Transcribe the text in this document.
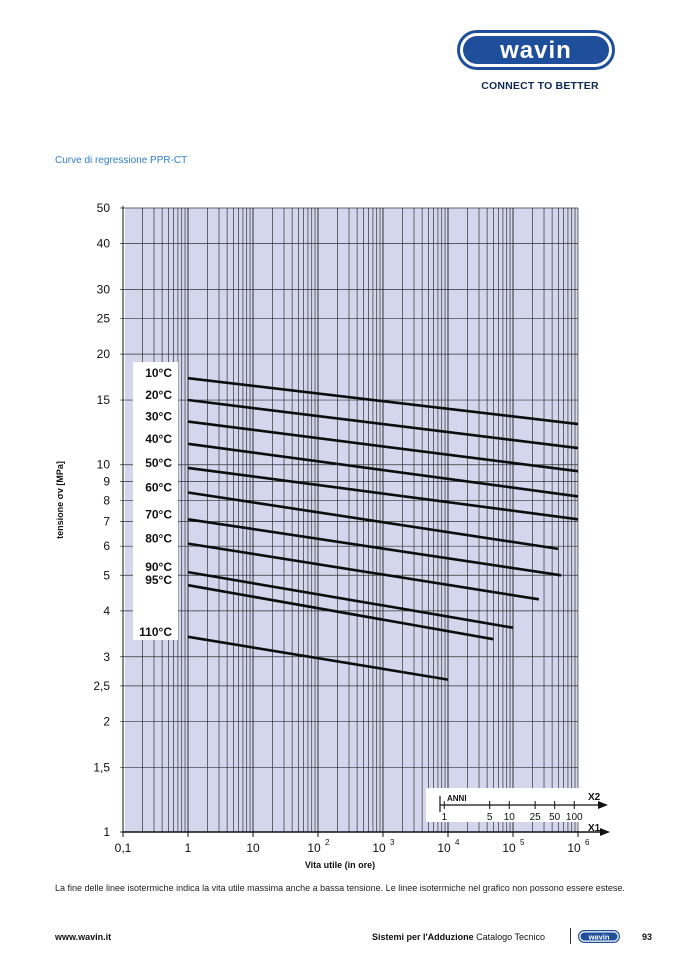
wavin
CONNECT TO BETTER
Curve di regressione PPR-CT
1
1,5
2
2,5
3
4
5
6
7
8
9
10
15
20
25
30
40
50
X1
0,1	1	10	10 2	10 3	10 4	10 5	10 6
Vita utile (in ore)
tensione σv [MPa]
10°C
20°C
30°C
40°C
50°C
60°C
70°C
80°C
90°C
95°C
110°C
X2
ANNI
1	5 10 25 50 100
La fine delle linee isotermiche indica la vita utile massima anche a bassa tensione. Le linee isotermiche nel grafico non possono essere estese.
www.wavin.it	Sistemi per l'Adduzione Catalogo Tecnico	wavin	93
